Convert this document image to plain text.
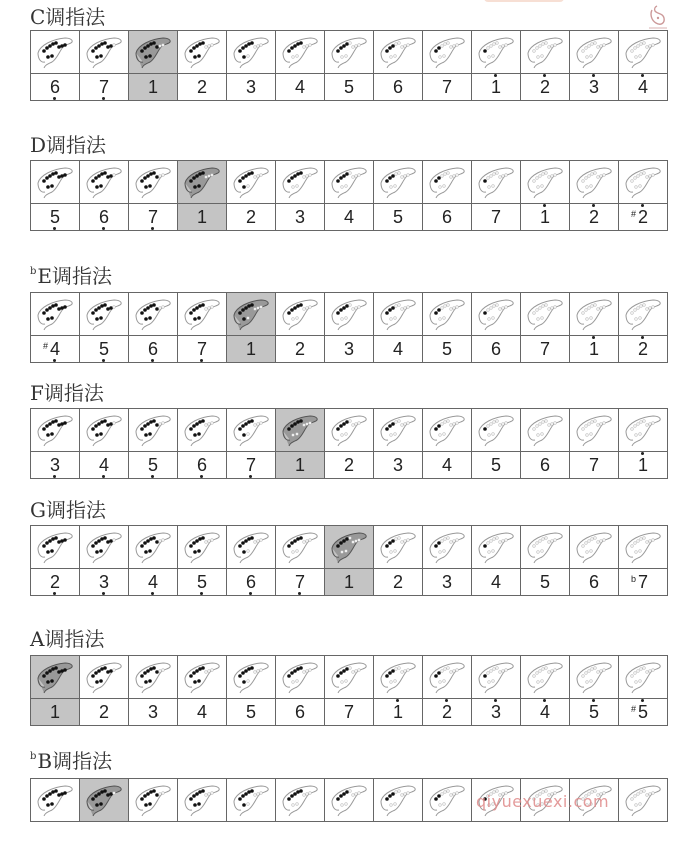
C调指法
6 7 1 2 3 4 5 6 7 1 2 3 4
D调指法
5 6 7 1 2 3 4 5 6 7 1 2	# 2
$^b$E调指法
# 4 5 6 7 1 2 3 4 5 6 7 1 2
F调指法
3 4 5 6 7 1 2 3 4 5 6 7 1
G调指法
2 3 4 5 6 7 1 2 3 4 5 6	b 7
A调指法
1 2 3 4 5 6 7 1 2 3 4 5	# 5
$^b$B调指法
qiyuexuexi.com
